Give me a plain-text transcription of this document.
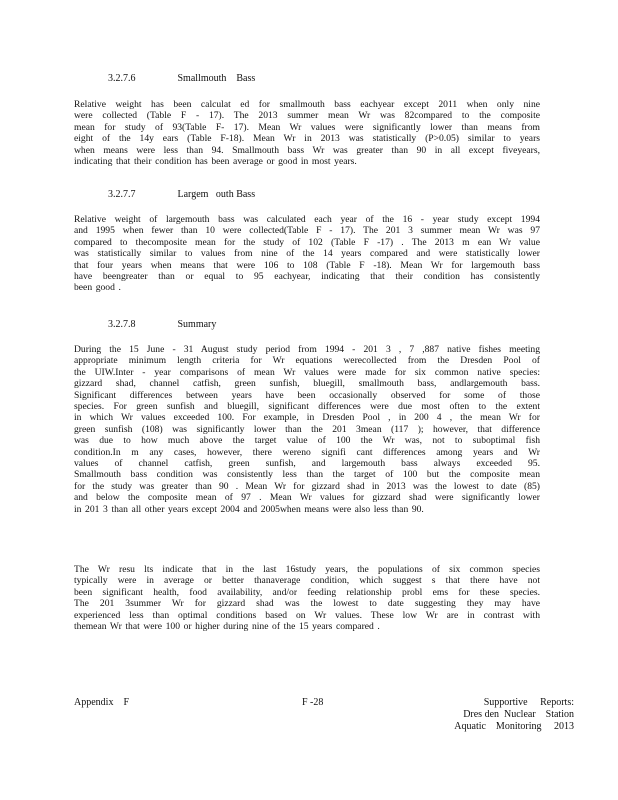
3.2.7.6	Smallmouth    Bass
Relative weight has been calculat ed for smallmouth bass eachyear except 2011 when only nine
were collected (Table F - 17). The 2013 summer mean Wr was 82compared to the composite
mean for study of 93(Table F- 17). Mean Wr values were significantly lower than means from
eight of the 14y ears (Table F-18). Mean Wr in 2013 was statistically (P>0.05) similar to years
when means were less than 94. Smallmouth bass Wr was greater than 90 in all except fiveyears,
indicating that their condition has been average or good in most years.
3.2.7.7	Largem   outh Bass
Relative weight of largemouth bass was calculated each year of the 16 - year study except 1994
and 1995 when fewer than 10 were collected(Table F - 17). The 201 3 summer mean Wr was 97
compared to thecomposite mean for the study of 102 (Table F -17) . The 2013 m ean Wr value
was statistically similar to values from nine of the 14 years compared and were statistically lower
that four years when means that were 106 to 108 (Table F -18). Mean Wr for largemouth bass
have beengreater than or equal to 95 eachyear, indicating that their condition has consistently
been good .
3.2.7.8	Summary
During the 15 June - 31 August study period from 1994 - 201 3 , 7 ,887 native fishes meeting
appropriate minimum length criteria for Wr equations werecollected from the Dresden Pool of
the UIW.Inter - year comparisons of mean Wr values were made for six common native species:
gizzard shad, channel catfish, green sunfish, bluegill, smallmouth bass, andlargemouth bass.
Significant differences between years have been occasionally observed for some of those
species. For green sunfish and bluegill, significant differences were due most often to the extent
in which Wr values exceeded 100. For example, in Dresden Pool , in 200 4 , the mean Wr for
green sunfish (108) was significantly lower than the 201 3mean (117 ); however, that difference
was due to how much above the target value of 100 the Wr was, not to suboptimal fish
condition.In m any cases, however, there wereno signifi cant differences among years and Wr
values of channel catfish, green sunfish, and largemouth bass always exceeded 95.
Smallmouth bass condition was consistently less than the target of 100 but the composite mean
for the study was greater than 90 . Mean Wr for gizzard shad in 2013 was the lowest to date (85)
and below the composite mean of 97 . Mean Wr values for gizzard shad were significantly lower
in 201 3 than all other years except 2004 and 2005when means were also less than 90.
The Wr resu lts indicate that in the last 16study years, the populations of six common species
typically were in average or better thanaverage condition, which suggest s that there have not
been significant health, food availability, and/or feeding relationship probl ems for these species.
The 201 3summer Wr for gizzard shad was the lowest to date suggesting they may have
experienced less than optimal conditions based on Wr values. These low Wr are in contrast with
themean Wr that were 100 or higher during nine of the 15 years compared .
Appendix    F	F -28	Supportive     Reports:
Dres den  Nuclear    Station
Aquatic    Monitoring     2013
